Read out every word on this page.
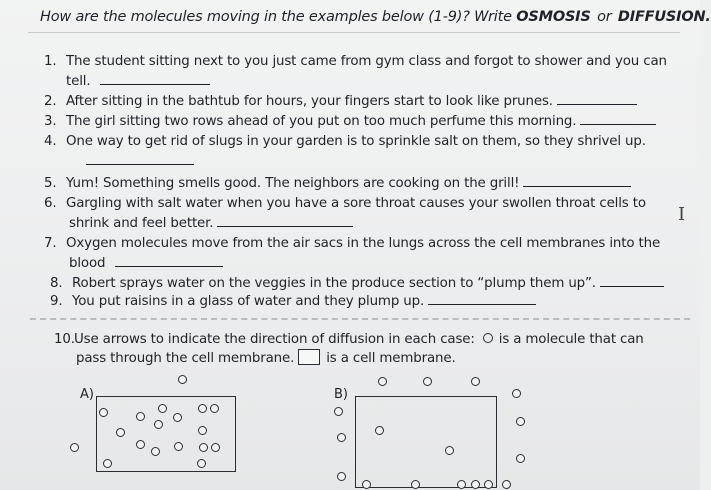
How are the molecules moving in the examples below (1-9)? Write OSMOSIS or DIFFUSION.
1. The student sitting next to you just came from gym class and forgot to shower and you can
tell.
2. After sitting in the bathtub for hours, your fingers start to look like prunes.
3. The girl sitting two rows ahead of you put on too much perfume this morning.
4. One way to get rid of slugs in your garden is to sprinkle salt on them, so they shrivel up.
5. Yum! Something smells good. The neighbors are cooking on the grill!
6. Gargling with salt water when you have a sore throat causes your swollen throat cells to
shrink and feel better.
7. Oxygen molecules move from the air sacs in the lungs across the cell membranes into the
blood
8. Robert sprays water on the veggies in the produce section to “plump them up”.
9. You put raisins in a glass of water and they plump up.
10.Use arrows to indicate the direction of diffusion in each case: is a molecule that can
pass through the cell membrane. is a cell membrane.
I
A)	B)
